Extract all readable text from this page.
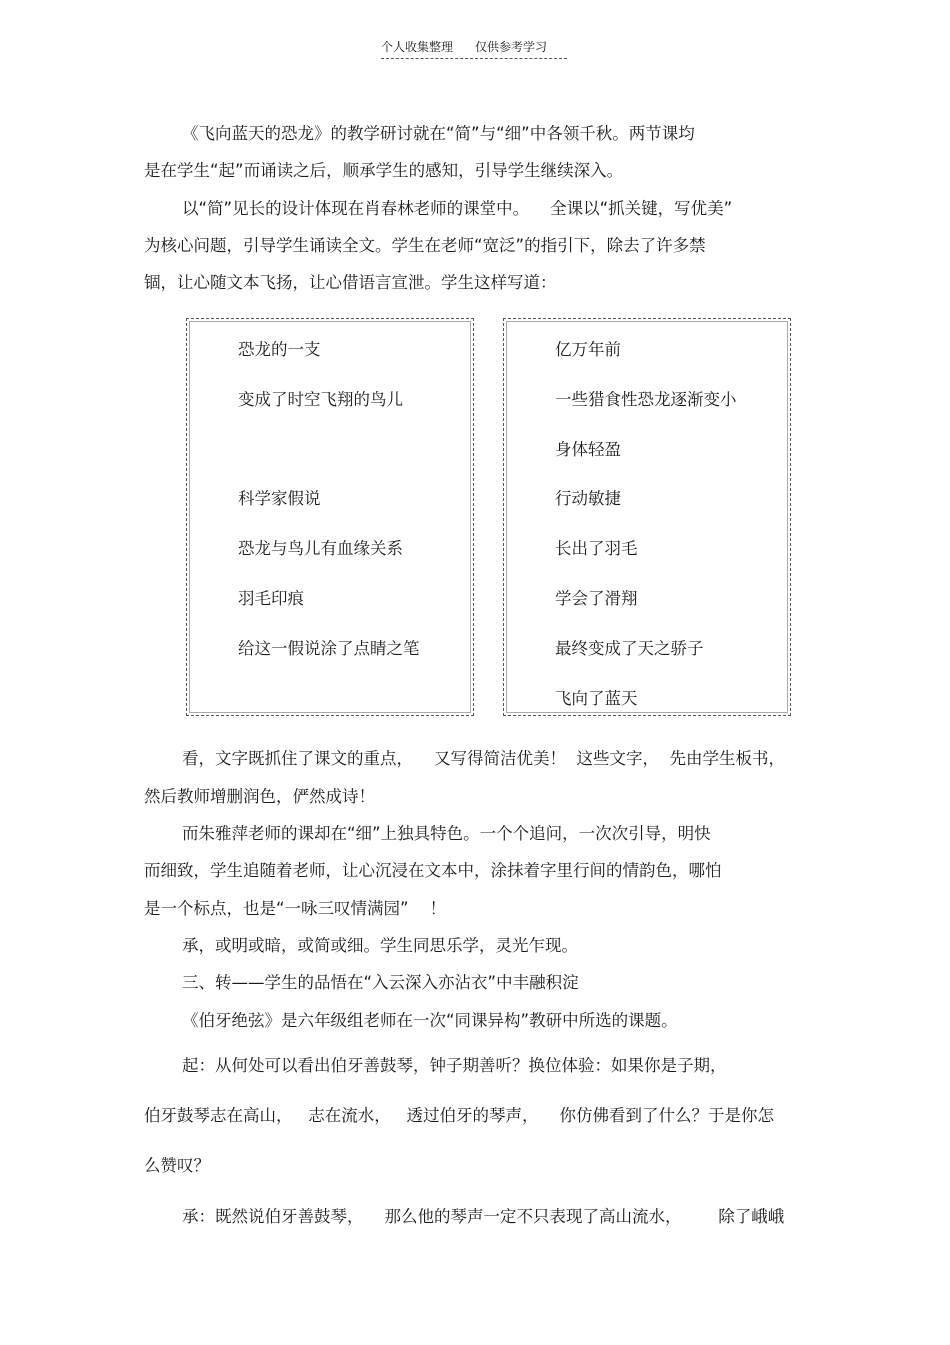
个人收集整理 仅供参考学习
《飞向蓝天的恐龙》的教学研讨就在“简”与“细”中各领千秋。两节课均
是在学生“起”而诵读之后，顺承学生的感知，引导学生继续深入。
以“简”见长的设计体现在肖春林老师的课堂中。    全课以“抓关键，写优美”
为核心问题，引导学生诵读全文。学生在老师“宽泛”的指引下，除去了许多禁
锢，让心随文本飞扬，让心借语言宣泄。学生这样写道：
恐龙的一支
变成了时空飞翔的鸟儿
科学家假说
恐龙与鸟儿有血缘关系
羽毛印痕
给这一假说涂了点睛之笔
亿万年前
一些猎食性恐龙逐渐变小
身体轻盈
行动敏捷
长出了羽毛
学会了滑翔
最终变成了天之骄子
飞向了蓝天
看，文字既抓住了课文的重点，    又写得简洁优美！  这些文字，  先由学生板书，
然后教师增删润色，俨然成诗！
而朱雅萍老师的课却在“细”上独具特色。一个个追问，一次次引导，明快
而细致，学生追随着老师，让心沉浸在文本中，涂抹着字里行间的情韵色，哪怕
是一个标点，也是“一咏三叹情满园”    ！
承，或明或暗，或简或细。学生同思乐学，灵光乍现。
三、转——学生的品悟在“入云深入亦沾衣”中丰融积淀
《伯牙绝弦》是六年级组老师在一次“同课异构”教研中所选的课题。
起：从何处可以看出伯牙善鼓琴，钟子期善听？换位体验：如果你是子期，
伯牙鼓琴志在高山，   志在流水，   透过伯牙的琴声，    你仿佛看到了什么？于是你怎
么赞叹？
承：既然说伯牙善鼓琴，    那么他的琴声一定不只表现了高山流水，       除了峨峨
